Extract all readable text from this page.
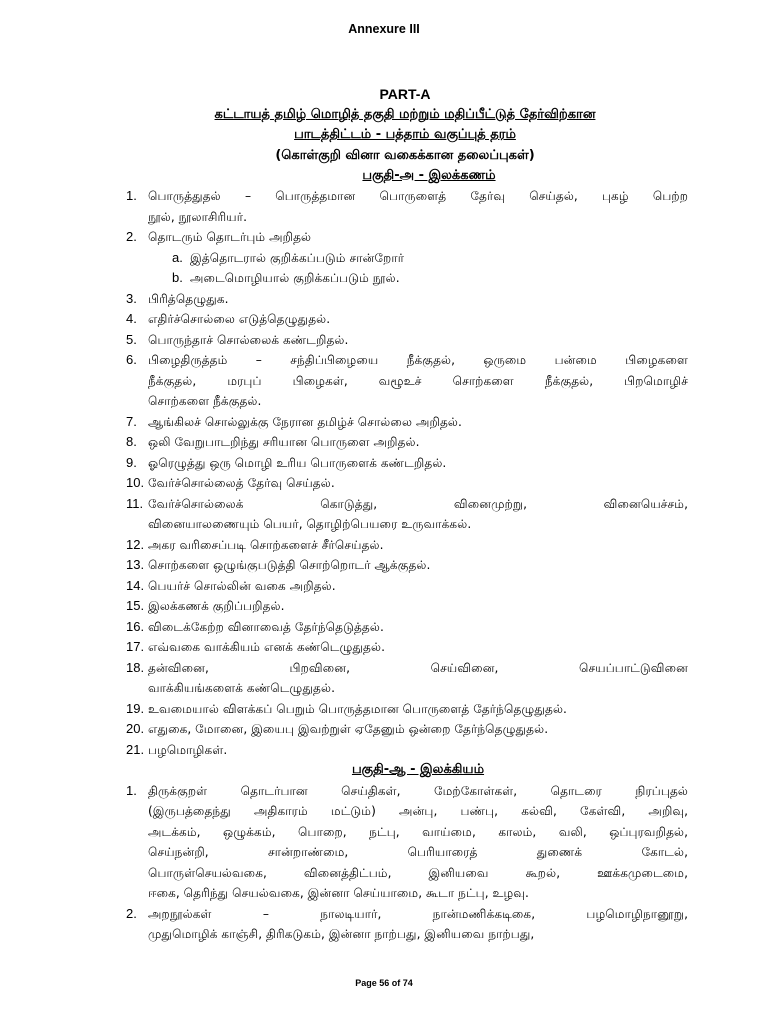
Annexure III
PART-A
கட்டாயத் தமிழ் மொழித் தகுதி மற்றும் மதிப்பீட்டுத் தேர்விற்கான
பாடத்திட்டம் - பத்தாம் வகுப்புத் தரம்
(கொள்குறி வினா வகைக்கான தலைப்புகள்)
பகுதி-அ - இலக்கணம்
1. பொருத்துதல் – பொருத்தமான பொருளைத் தேர்வு செய்தல், புகழ் பெற்ற
நூல், நூலாசிரியர்.
2. தொடரும் தொடர்பும் அறிதல்
a. இத்தொடரால் குறிக்கப்படும் சான்றோர்
b. அடைமொழியால் குறிக்கப்படும் நூல்.
3. பிரித்தெழுதுக.
4. எதிர்ச்சொல்லை எடுத்தெழுதுதல்.
5. பொருந்தாச் சொல்லைக் கண்டறிதல்.
6. பிழைதிருத்தம் – சந்திப்பிழையை நீக்குதல், ஒருமை பன்மை பிழைகளை
நீக்குதல், மரபுப் பிழைகள், வழூஉச் சொற்களை நீக்குதல், பிறமொழிச்
சொற்களை நீக்குதல்.
7. ஆங்கிலச் சொல்லுக்கு நேரான தமிழ்ச் சொல்லை அறிதல்.
8. ஒலி வேறுபாடறிந்து சரியான பொருளை அறிதல்.
9. ஓரெழுத்து ஒரு மொழி உரிய பொருளைக் கண்டறிதல்.
10. வேர்ச்சொல்லைத் தேர்வு செய்தல்.
11. வேர்ச்சொல்லைக் கொடுத்து, வினைமுற்று, வினையெச்சம்,
வினையாலணையும் பெயர், தொழிற்பெயரை உருவாக்கல்.
12. அகர வரிசைப்படி சொற்களைச் சீர்செய்தல்.
13. சொற்களை ஒழுங்குபடுத்தி சொற்றொடர் ஆக்குதல்.
14. பெயர்ச் சொல்லின் வகை அறிதல்.
15. இலக்கணக் குறிப்பறிதல்.
16. விடைக்கேற்ற வினாவைத் தேர்ந்தெடுத்தல்.
17. எவ்வகை வாக்கியம் எனக் கண்டெழுதுதல்.
18. தன்வினை, பிறவினை, செய்வினை, செயப்பாட்டுவினை
வாக்கியங்களைக் கண்டெழுதுதல்.
19. உவமையால் விளக்கப் பெறும் பொருத்தமான பொருளைத் தேர்ந்தெழுதுதல்.
20. எதுகை, மோனை, இயைபு இவற்றுள் ஏதேனும் ஒன்றை தேர்ந்தெழுதுதல்.
21. பழமொழிகள்.
பகுதி-ஆ - இலக்கியம்
1. திருக்குறள் தொடர்பான செய்திகள், மேற்கோள்கள், தொடரை நிரப்புதல்
(இருபத்தைந்து அதிகாரம் மட்டும்) அன்பு, பண்பு, கல்வி, கேள்வி, அறிவு,
அடக்கம், ஒழுக்கம், பொறை, நட்பு, வாய்மை, காலம், வலி, ஒப்புரவறிதல்,
செய்நன்றி, சான்றாண்மை, பெரியாரைத் துணைக் கோடல்,
பொருள்செயல்வகை, வினைத்திட்பம், இனியவை கூறல், ஊக்கமுடைமை,
ஈகை, தெரிந்து செயல்வகை, இன்னா செய்யாமை, கூடா நட்பு, உழவு.
2. அறநூல்கள் – நாலடியார், நான்மணிக்கடிகை, பழமொழிநானூறு,
முதுமொழிக் காஞ்சி, திரிகடுகம், இன்னா நாற்பது, இனியவை நாற்பது,
Page 56 of 74
